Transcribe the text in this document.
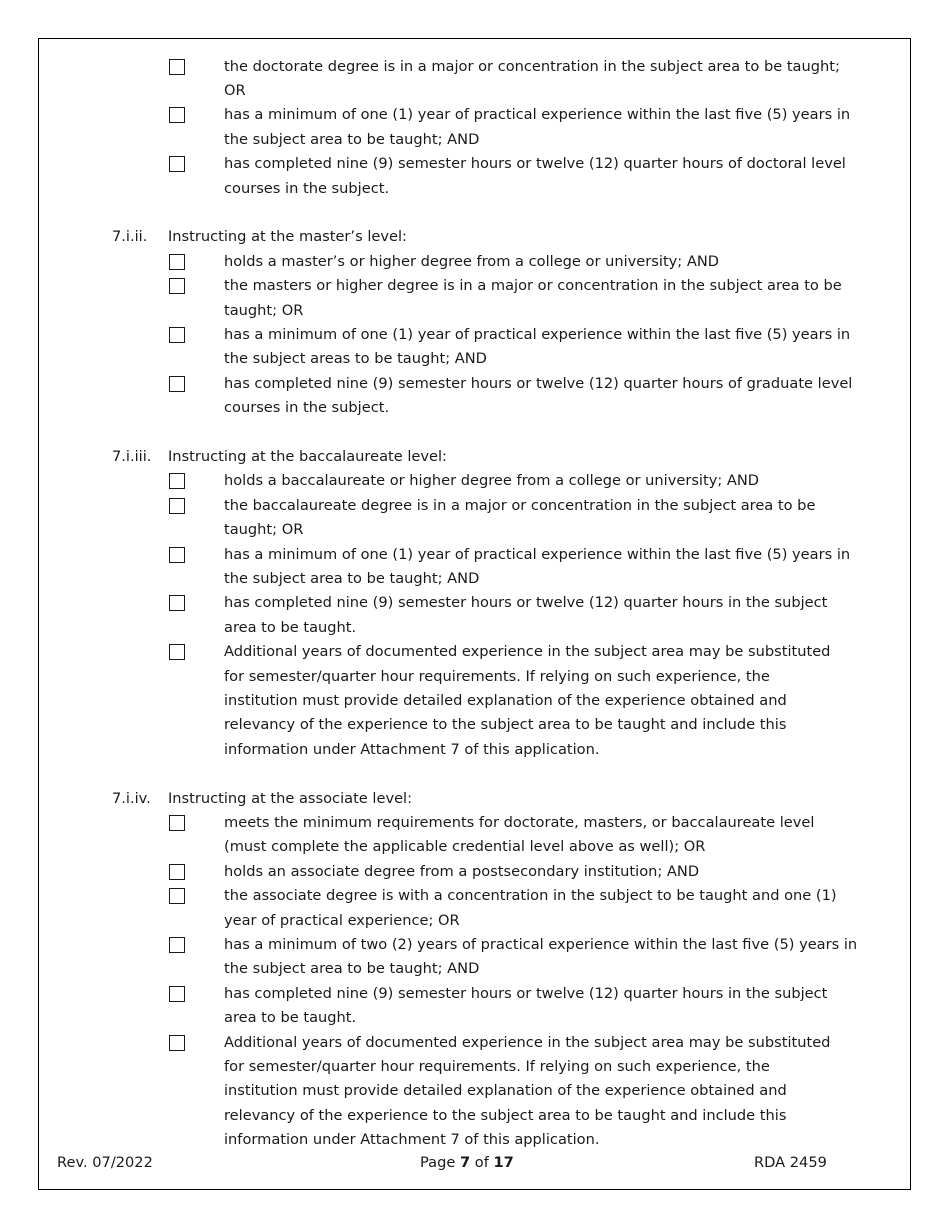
the doctorate degree is in a major or concentration in the subject area to be taught;
OR
has a minimum of one (1) year of practical experience within the last five (5) years in
the subject area to be taught; AND
has completed nine (9) semester hours or twelve (12) quarter hours of doctoral level
courses in the subject.
7.i.ii. Instructing at the master’s level:
holds a master’s or higher degree from a college or university; AND
the masters or higher degree is in a major or concentration in the subject area to be
taught; OR
has a minimum of one (1) year of practical experience within the last five (5) years in
the subject areas to be taught; AND
has completed nine (9) semester hours or twelve (12) quarter hours of graduate level
courses in the subject.
7.i.iii. Instructing at the baccalaureate level:
holds a baccalaureate or higher degree from a college or university; AND
the baccalaureate degree is in a major or concentration in the subject area to be
taught; OR
has a minimum of one (1) year of practical experience within the last five (5) years in
the subject area to be taught; AND
has completed nine (9) semester hours or twelve (12) quarter hours in the subject
area to be taught.
Additional years of documented experience in the subject area may be substituted
for semester/quarter hour requirements. If relying on such experience, the
institution must provide detailed explanation of the experience obtained and
relevancy of the experience to the subject area to be taught and include this
information under Attachment 7 of this application.
7.i.iv. Instructing at the associate level:
meets the minimum requirements for doctorate, masters, or baccalaureate level
(must complete the applicable credential level above as well); OR
holds an associate degree from a postsecondary institution; AND
the associate degree is with a concentration in the subject to be taught and one (1)
year of practical experience; OR
has a minimum of two (2) years of practical experience within the last five (5) years in
the subject area to be taught; AND
has completed nine (9) semester hours or twelve (12) quarter hours in the subject
area to be taught.
Additional years of documented experience in the subject area may be substituted
for semester/quarter hour requirements. If relying on such experience, the
institution must provide detailed explanation of the experience obtained and
relevancy of the experience to the subject area to be taught and include this
information under Attachment 7 of this application.
Rev. 07/2022	Page 7 of 17	RDA 2459
